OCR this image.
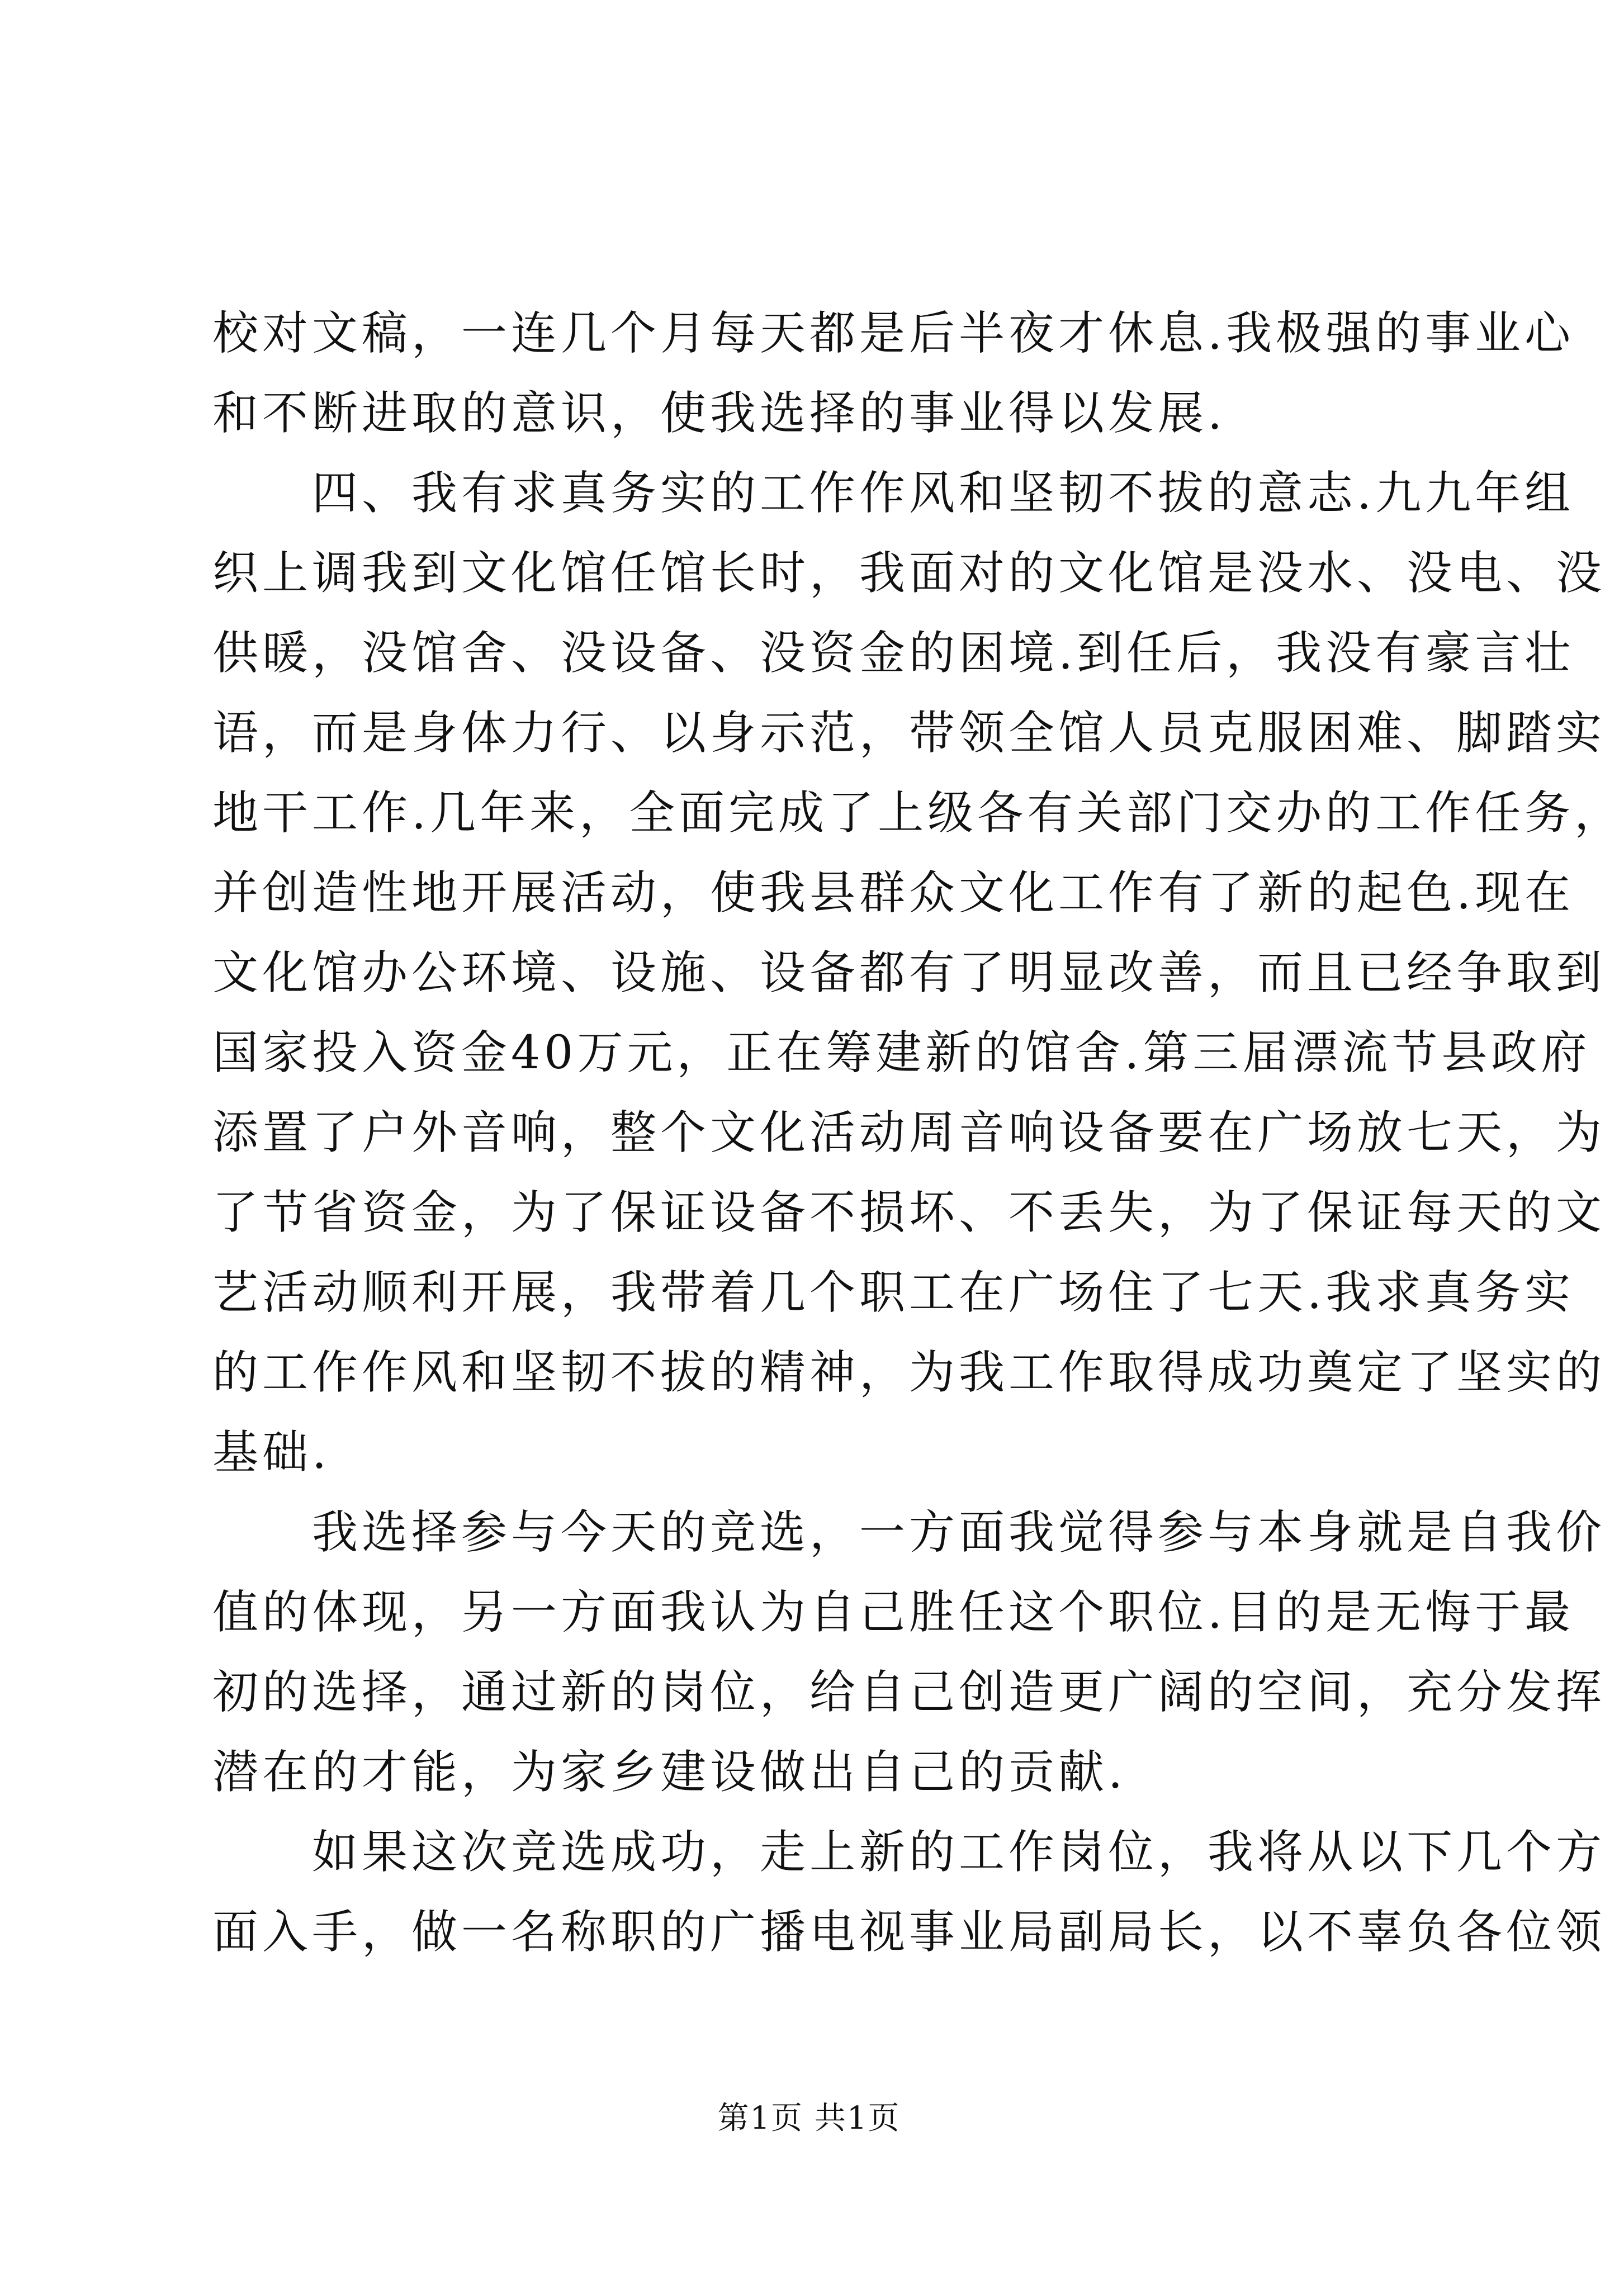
校对文稿，一连几个月每天都是后半夜才休息.我极强的事业心
和不断进取的意识，使我选择的事业得以发展.
　　四、我有求真务实的工作作风和坚韧不拔的意志.九九年组
织上调我到文化馆任馆长时，我面对的文化馆是没水、没电、没
供暖，没馆舍、没设备、没资金的困境.到任后，我没有豪言壮
语，而是身体力行、以身示范，带领全馆人员克服困难、脚踏实
地干工作.几年来，全面完成了上级各有关部门交办的工作任务，
并创造性地开展活动，使我县群众文化工作有了新的起色.现在
文化馆办公环境、设施、设备都有了明显改善，而且已经争取到
国家投入资金40万元，正在筹建新的馆舍.第三届漂流节县政府
添置了户外音响，整个文化活动周音响设备要在广场放七天，为
了节省资金，为了保证设备不损坏、不丢失，为了保证每天的文
艺活动顺利开展，我带着几个职工在广场住了七天.我求真务实
的工作作风和坚韧不拔的精神，为我工作取得成功奠定了坚实的
基础.
　　我选择参与今天的竞选，一方面我觉得参与本身就是自我价
值的体现，另一方面我认为自己胜任这个职位.目的是无悔于最
初的选择，通过新的岗位，给自己创造更广阔的空间，充分发挥
潜在的才能，为家乡建设做出自己的贡献.
　　如果这次竞选成功，走上新的工作岗位，我将从以下几个方
面入手，做一名称职的广播电视事业局副局长，以不辜负各位领
第1页 共1页
